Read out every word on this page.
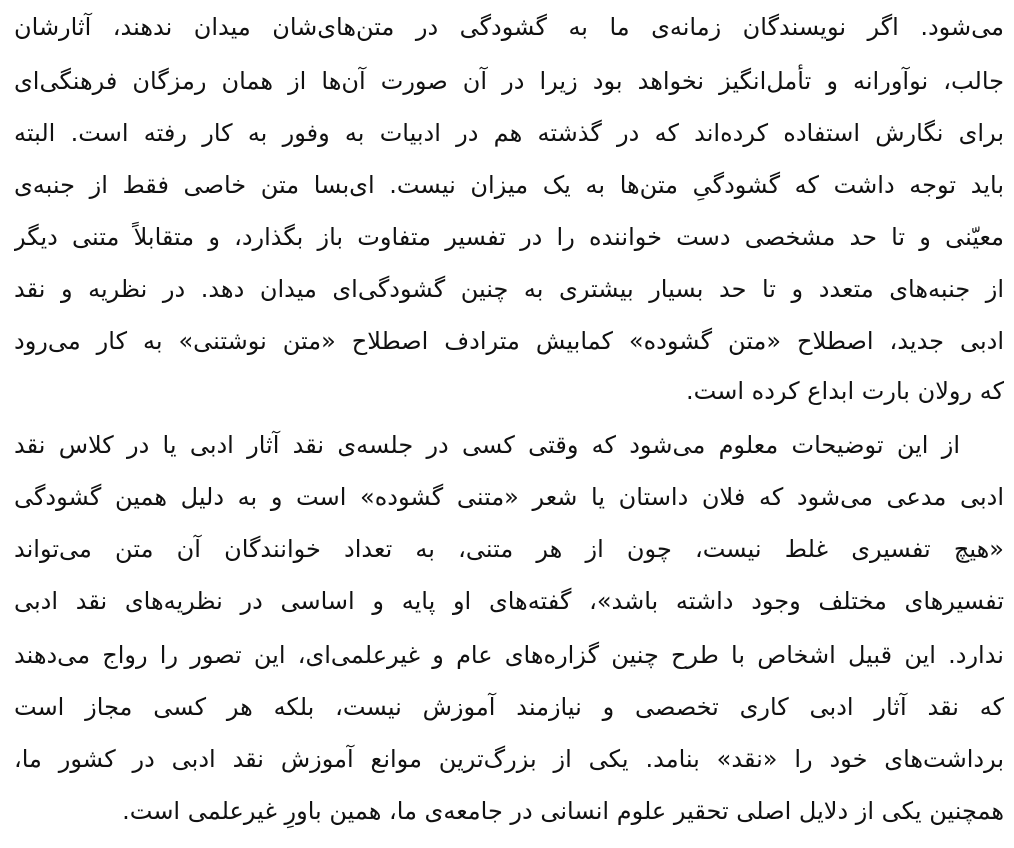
می‌شود. اگر نویسندگان زمانه‌ی ما به گشودگی در متن‌های‌شان میدان ندهند، آثارشان
جالب، نوآورانه و تأمل‌انگیز نخواهد بود زیرا در آن صورت آن‌ها از همان رمزگان فرهنگی‌ای
برای نگارش استفاده کرده‌اند که در گذشته هم در ادبیات به وفور به کار رفته است. البته
باید توجه داشت که گشودگیِ متن‌ها به یک میزان نیست. ای‌بسا متن خاصی فقط از جنبه‌ی
معیّنی و تا حد مشخصی دست خواننده را در تفسیر متفاوت باز بگذارد، و متقابلاً متنی دیگر
از جنبه‌های متعدد و تا حد بسیار بیشتری به چنین گشودگی‌ای میدان دهد. در نظریه و نقد
ادبی جدید، اصطلاح «متن گشوده» کمابیش مترادف اصطلاح «متن نوشتنی» به کار می‌رود
که رولان بارت ابداع کرده است.
از این توضیحات معلوم می‌شود که وقتی کسی در جلسه‌ی نقد آثار ادبی یا در کلاس نقد
ادبی مدعی می‌شود که فلان داستان یا شعر «متنی گشوده» است و به دلیل همین گشودگی
«هیچ تفسیری غلط نیست، چون از هر متنی، به تعداد خوانندگان آن متن می‌تواند
تفسیرهای مختلف وجود داشته باشد»، گفته‌های او پایه و اساسی در نظریه‌های نقد ادبی
ندارد. این قبیل اشخاص با طرح چنین گزاره‌های عام و غیرعلمی‌ای، این تصور را رواج می‌دهند
که نقد آثار ادبی کاری تخصصی و نیازمند آموزش نیست، بلکه هر کسی مجاز است
برداشت‌های خود را «نقد» بنامد. یکی از بزرگ‌ترین موانع آموزش نقد ادبی در کشور ما،
همچنین یکی از دلایل اصلی تحقیر علوم انسانی در جامعه‌ی ما، همین باورِ غیرعلمی است.
